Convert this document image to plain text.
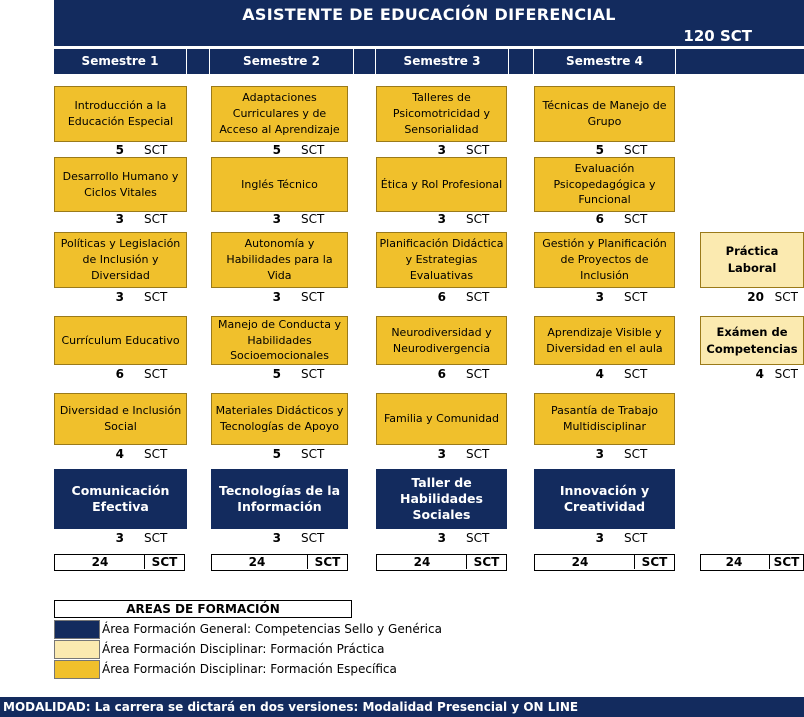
ASISTENTE DE EDUCACIÓN DIFERENCIAL
120 SCT
Semestre 1	Semestre 2	Semestre 3	Semestre 4
Introducción a la Educación Especial
5 SCT
Desarrollo Humano y Ciclos Vitales
3 SCT
Políticas y Legislación de Inclusión y Diversidad
3 SCT
Currículum Educativo
6 SCT
Diversidad e Inclusión Social
4 SCT
Comunicación Efectiva
3 SCT
Adaptaciones Curriculares y de Acceso al Aprendizaje
5 SCT
Inglés Técnico
3 SCT
Autonomía y Habilidades para la Vida
3 SCT
Manejo de Conducta y Habilidades Socioemocionales
5 SCT
Materiales Didácticos y Tecnologías de Apoyo
5 SCT
Tecnologías de la Información
3 SCT
Talleres de Psicomotricidad y Sensorialidad
3 SCT
Ética y Rol Profesional
3 SCT
Planificación Didáctica y Estrategias Evaluativas
6 SCT
Neurodiversidad y Neurodivergencia
6 SCT
Familia y Comunidad
3 SCT
Taller de Habilidades Sociales
3 SCT
Técnicas de Manejo de Grupo
5 SCT
Evaluación Psicopedagógica y Funcional
6 SCT
Gestión y Planificación de Proyectos de Inclusión
3 SCT
Aprendizaje Visible y Diversidad en el aula
4 SCT
Pasantía de Trabajo Multidisciplinar
3 SCT
Innovación y Creatividad
3 SCT
Práctica Laboral
20 SCT
Exámen de Competencias
4 SCT
24	SCT	24	SCT	24	SCT	24	SCT	24	SCT
AREAS DE FORMACIÓN
Área Formación General: Competencias Sello y Genérica
Área Formación Disciplinar: Formación Práctica
Área Formación Disciplinar: Formación Específica
MODALIDAD: La carrera se dictará en dos versiones: Modalidad Presencial y ON LINE
